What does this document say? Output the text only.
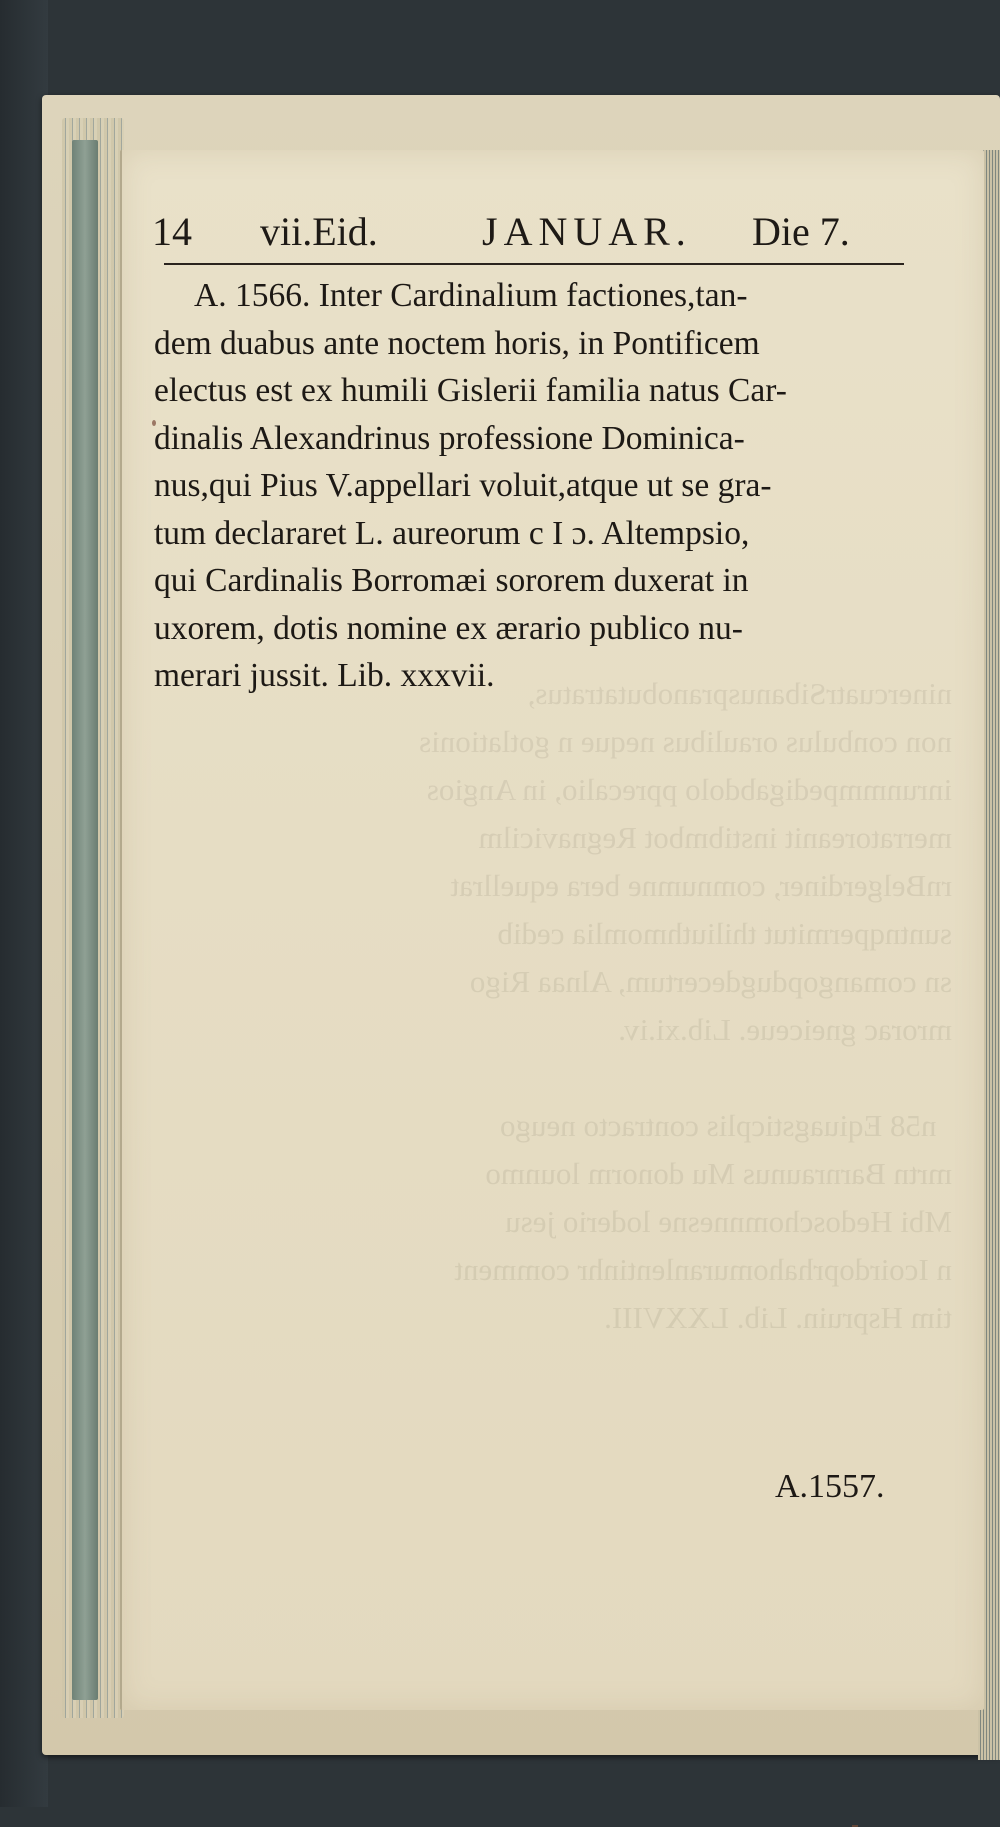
ninercuatrSibanuspranobutatratus,
non conbulus oraulibus neque n gotlationis
inrunmmpedigabdolo pprecalio, in Angios
merratoreanit instibmbot Regnavicilm
rnBelgerdiner, comnumne bera equellrat
suntnqpermitut thiliuthmomlia cedib
sn comangopdugdecertum, Alnaa Rigo
mrorac gneiceue. Lib.xi.iv.

n58 Eqiuagsticplis contracto neugo
mrtn Barnraunus Mu donorm lounmo
Mbi Hedoschomnnesne loderio jesu
n Icoirdoprhahomuranlentinhr comment
tim Hspruin. Lib. LXXVIII.
14 vii.Eid.	JANUAR. Die 7.
A. 1566. Inter Cardinalium factiones,tan-
dem duabus ante noctem horis, in Pontificem
electus est ex humili Gislerii familia natus Car-
dinalis Alexandrinus professione Dominica-
nus,qui Pius V.appellari voluit,atque ut se gra-
tum declararet L. aureorum c I ɔ. Altempsio,
qui Cardinalis Borromæi sororem duxerat in
uxorem, dotis nomine ex ærario publico nu-
merari jussit. Lib. xxxvii.
A.1557.
